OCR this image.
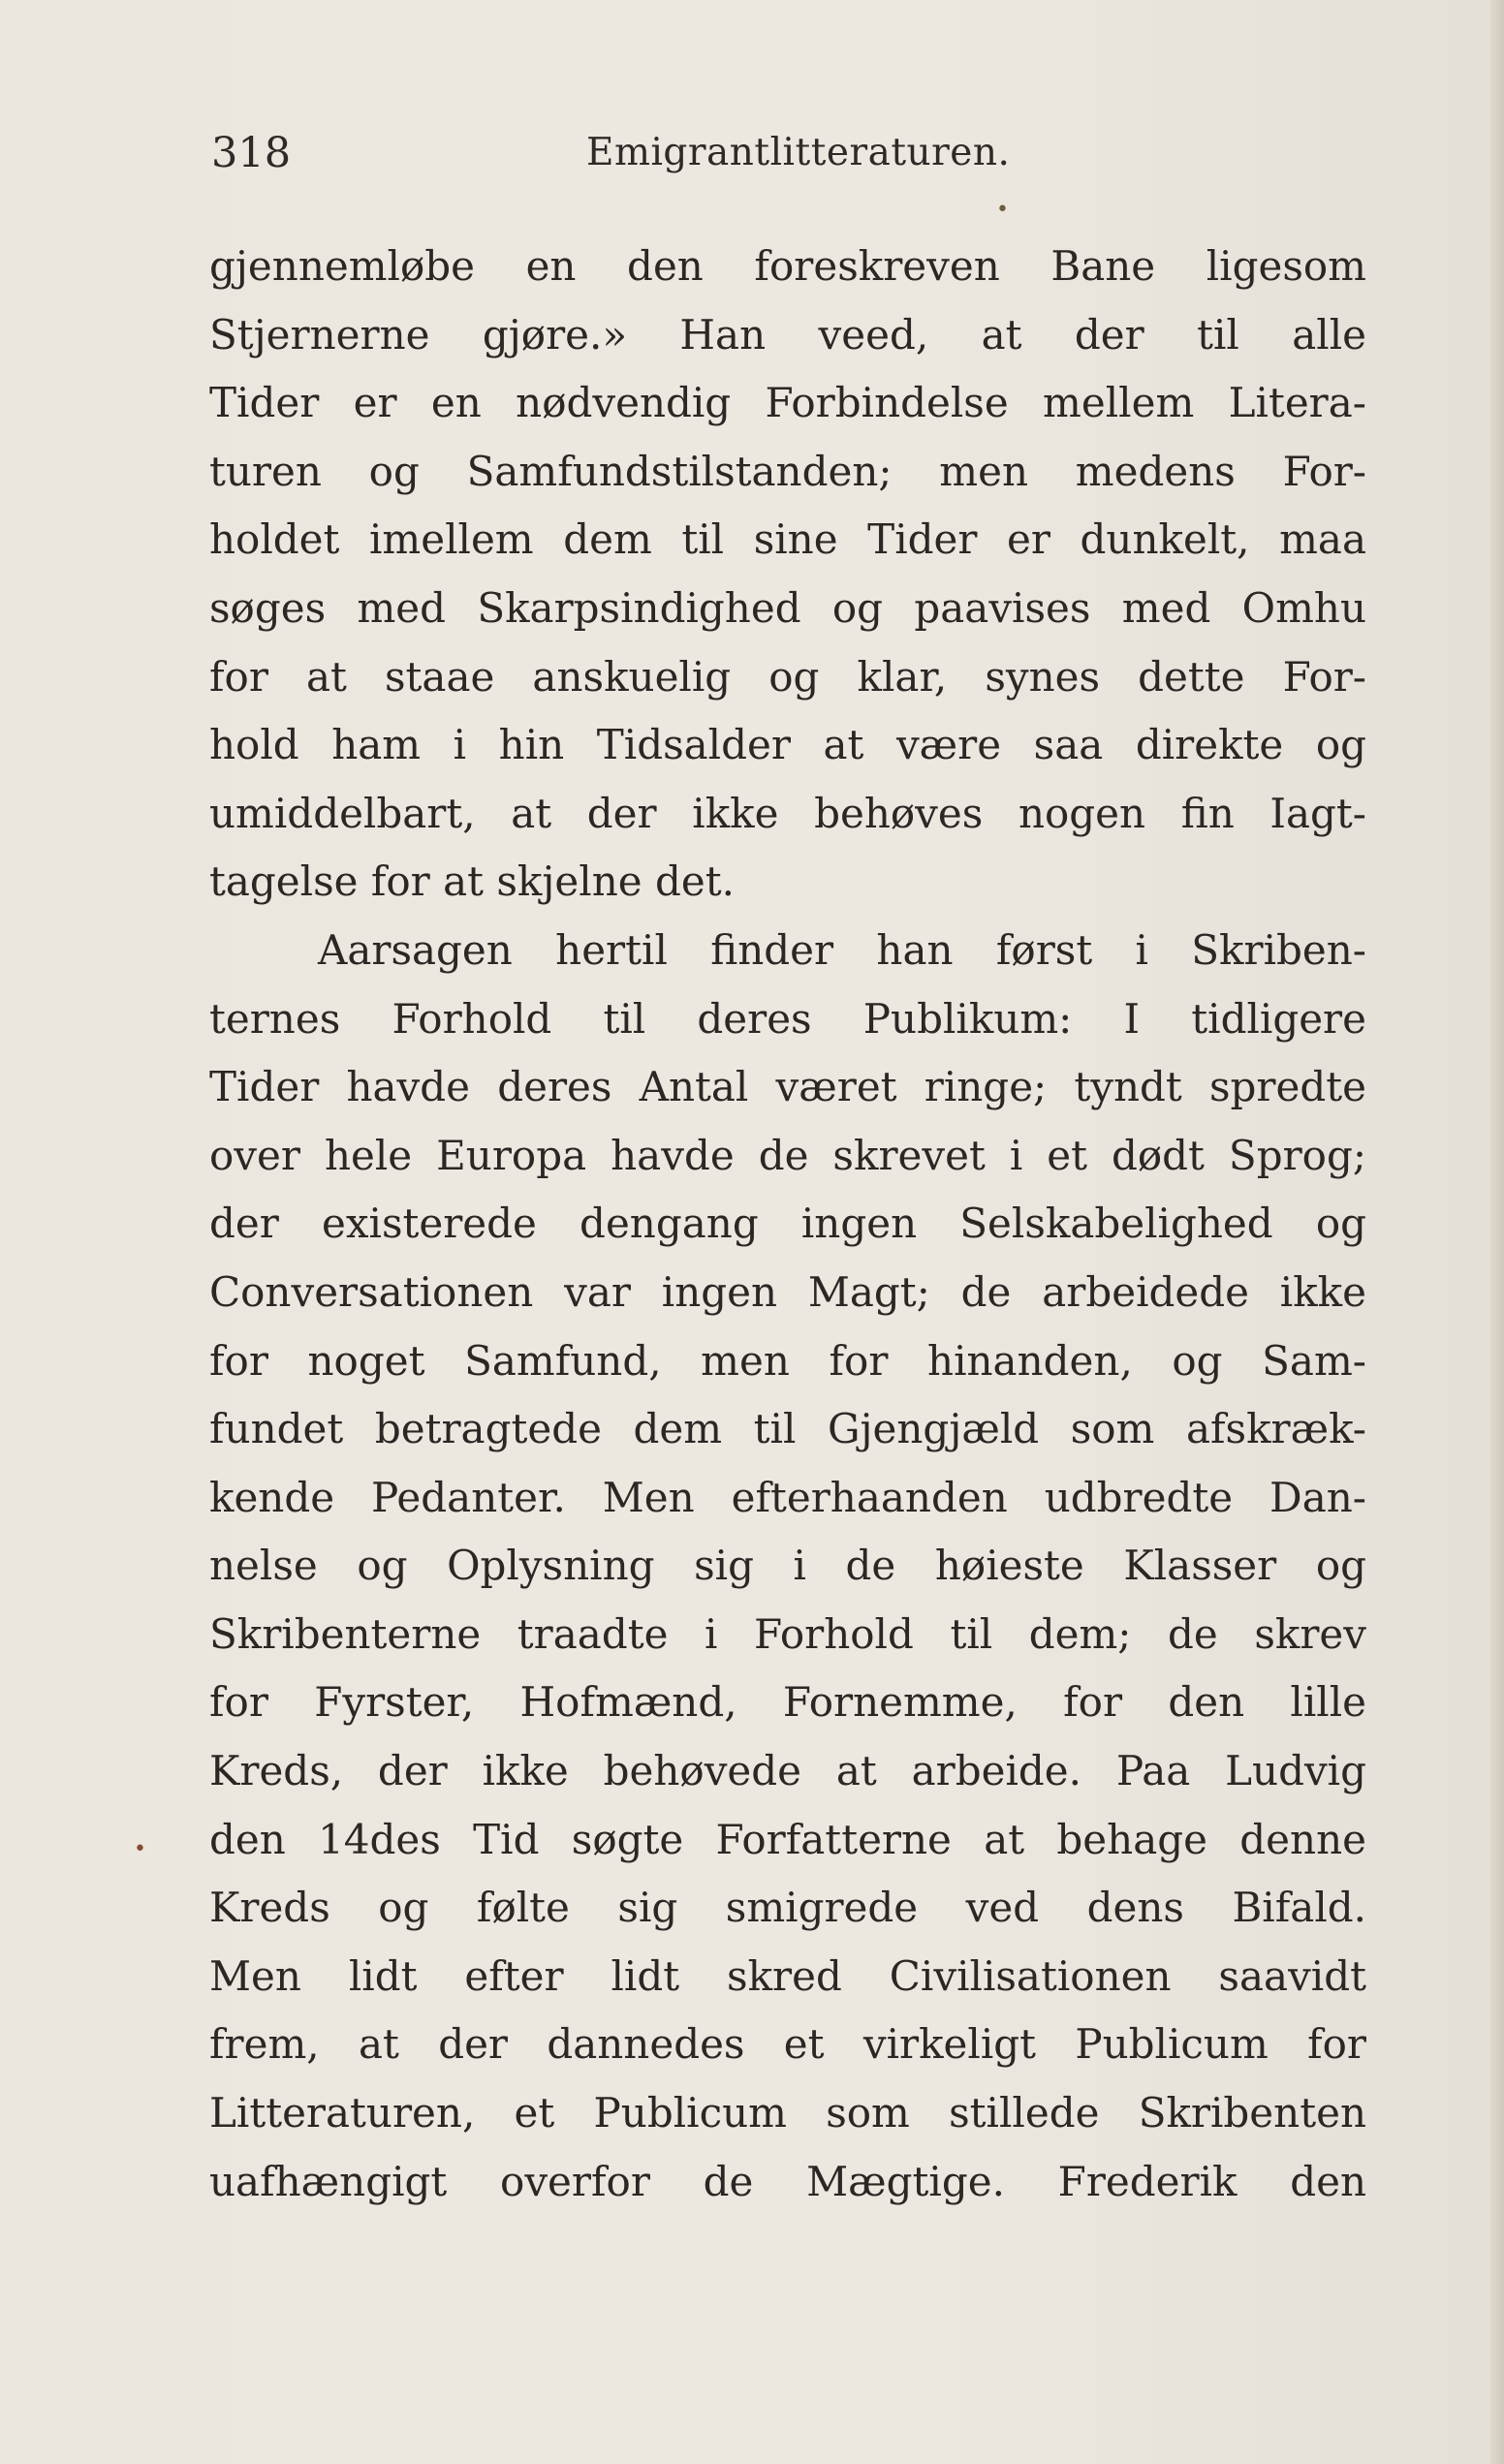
318	Emigrantlitteraturen.
•
•
gjennemløbe en den foreskreven Bane ligesom
Stjernerne gjøre.» Han veed, at der til alle
Tider er en nødvendig Forbindelse mellem Litera-
turen og Samfundstilstanden; men medens For-
holdet imellem dem til sine Tider er dunkelt, maa
søges med Skarpsindighed og paavises med Omhu
for at staae anskuelig og klar, synes dette For-
hold ham i hin Tidsalder at være saa direkte og
umiddelbart, at der ikke behøves nogen fin Iagt-
tagelse for at skjelne det.
Aarsagen hertil finder han først i Skriben-
ternes Forhold til deres Publikum: I tidligere
Tider havde deres Antal været ringe; tyndt spredte
over hele Europa havde de skrevet i et dødt Sprog;
der existerede dengang ingen Selskabelighed og
Conversationen var ingen Magt; de arbeidede ikke
for noget Samfund, men for hinanden, og Sam-
fundet betragtede dem til Gjengjæld som afskræk-
kende Pedanter. Men efterhaanden udbredte Dan-
nelse og Oplysning sig i de høieste Klasser og
Skribenterne traadte i Forhold til dem; de skrev
for Fyrster, Hofmænd, Fornemme, for den lille
Kreds, der ikke behøvede at arbeide. Paa Ludvig
den 14des Tid søgte Forfatterne at behage denne
Kreds og følte sig smigrede ved dens Bifald.
Men lidt efter lidt skred Civilisationen saavidt
frem, at der dannedes et virkeligt Publicum for
Litteraturen, et Publicum som stillede Skribenten
uafhængigt overfor de Mægtige. Frederik den
